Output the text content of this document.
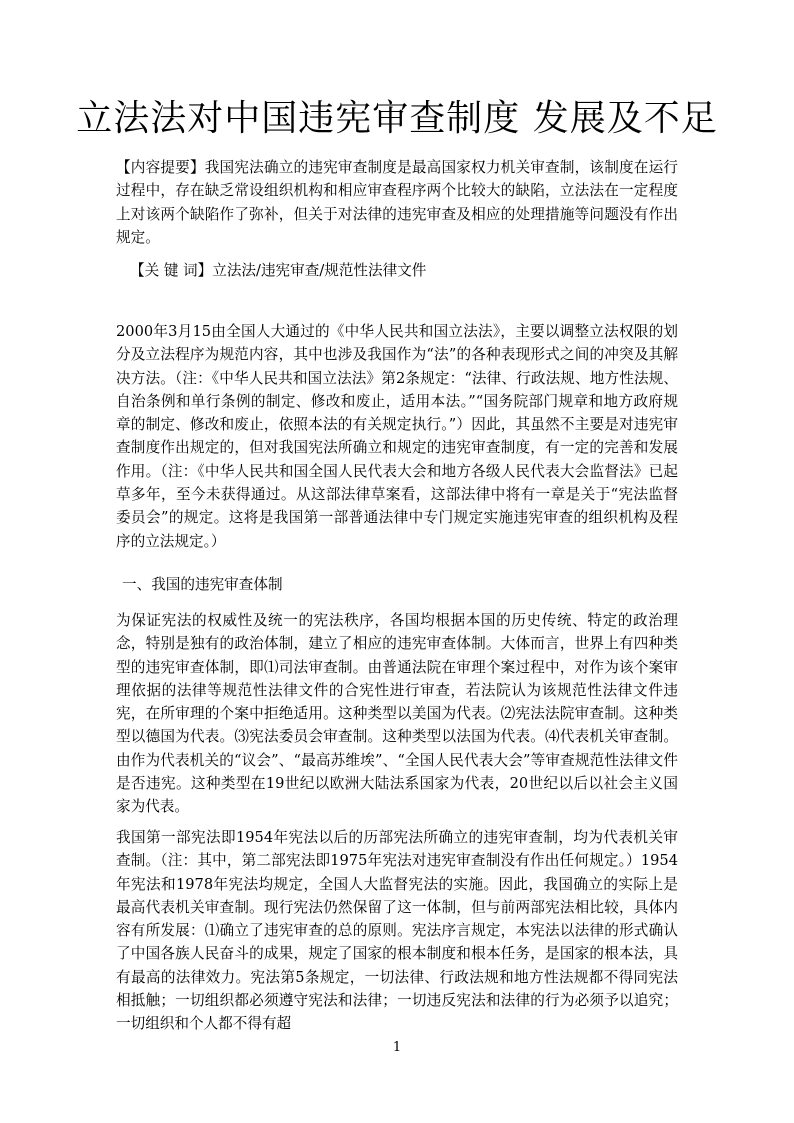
立法法对中国违宪审查制度 发展及不足

【内容提要】我国宪法确立的违宪审查制度是最高国家权力机关审查制，该制度在运行过程中，存在缺乏常设组织机构和相应审查程序两个比较大的缺陷，立法法在一定程度上对该两个缺陷作了弥补，但关于对法律的违宪审查及相应的处理措施等问题没有作出规定。

【关 键 词】立法法/违宪审查/规范性法律文件

2000年3月15由全国人大通过的《中华人民共和国立法法》，主要以调整立法权限的划分及立法程序为规范内容，其中也涉及我国作为“法”的各种表现形式之间的冲突及其解决方法。（注：《中华人民共和国立法法》第2条规定：“法律、行政法规、地方性法规、自治条例和单行条例的制定、修改和废止，适用本法。”“国务院部门规章和地方政府规章的制定、修改和废止，依照本法的有关规定执行。”）因此，其虽然不主要是对违宪审查制度作出规定的，但对我国宪法所确立和规定的违宪审查制度，有一定的完善和发展作用。（注：《中华人民共和国全国人民代表大会和地方各级人民代表大会监督法》已起草多年，至今未获得通过。从这部法律草案看，这部法律中将有一章是关于“宪法监督委员会”的规定。这将是我国第一部普通法律中专门规定实施违宪审查的组织机构及程序的立法规定。）

一、我国的违宪审查体制

为保证宪法的权威性及统一的宪法秩序，各国均根据本国的历史传统、特定的政治理念，特别是独有的政治体制，建立了相应的违宪审查体制。大体而言，世界上有四种类型的违宪审查体制，即⑴司法审查制。由普通法院在审理个案过程中，对作为该个案审理依据的法律等规范性法律文件的合宪性进行审查，若法院认为该规范性法律文件违宪，在所审理的个案中拒绝适用。这种类型以美国为代表。⑵宪法法院审查制。这种类型以德国为代表。⑶宪法委员会审查制。这种类型以法国为代表。⑷代表机关审查制。由作为代表机关的“议会”、“最高苏维埃”、“全国人民代表大会”等审查规范性法律文件是否违宪。这种类型在19世纪以欧洲大陆法系国家为代表，20世纪以后以社会主义国家为代表。

我国第一部宪法即1954年宪法以后的历部宪法所确立的违宪审查制，均为代表机关审查制。（注：其中，第二部宪法即1975年宪法对违宪审查制没有作出任何规定。）1954年宪法和1978年宪法均规定，全国人大监督宪法的实施。因此，我国确立的实际上是最高代表机关审查制。现行宪法仍然保留了这一体制，但与前两部宪法相比较，具体内容有所发展：⑴确立了违宪审查的总的原则。宪法序言规定，本宪法以法律的形式确认了中国各族人民奋斗的成果，规定了国家的根本制度和根本任务，是国家的根本法，具有最高的法律效力。宪法第5条规定，一切法律、行政法规和地方性法规都不得同宪法相抵触；一切组织都必须遵守宪法和法律；一切违反宪法和法律的行为必须予以追究；一切组织和个人都不得有超

1
